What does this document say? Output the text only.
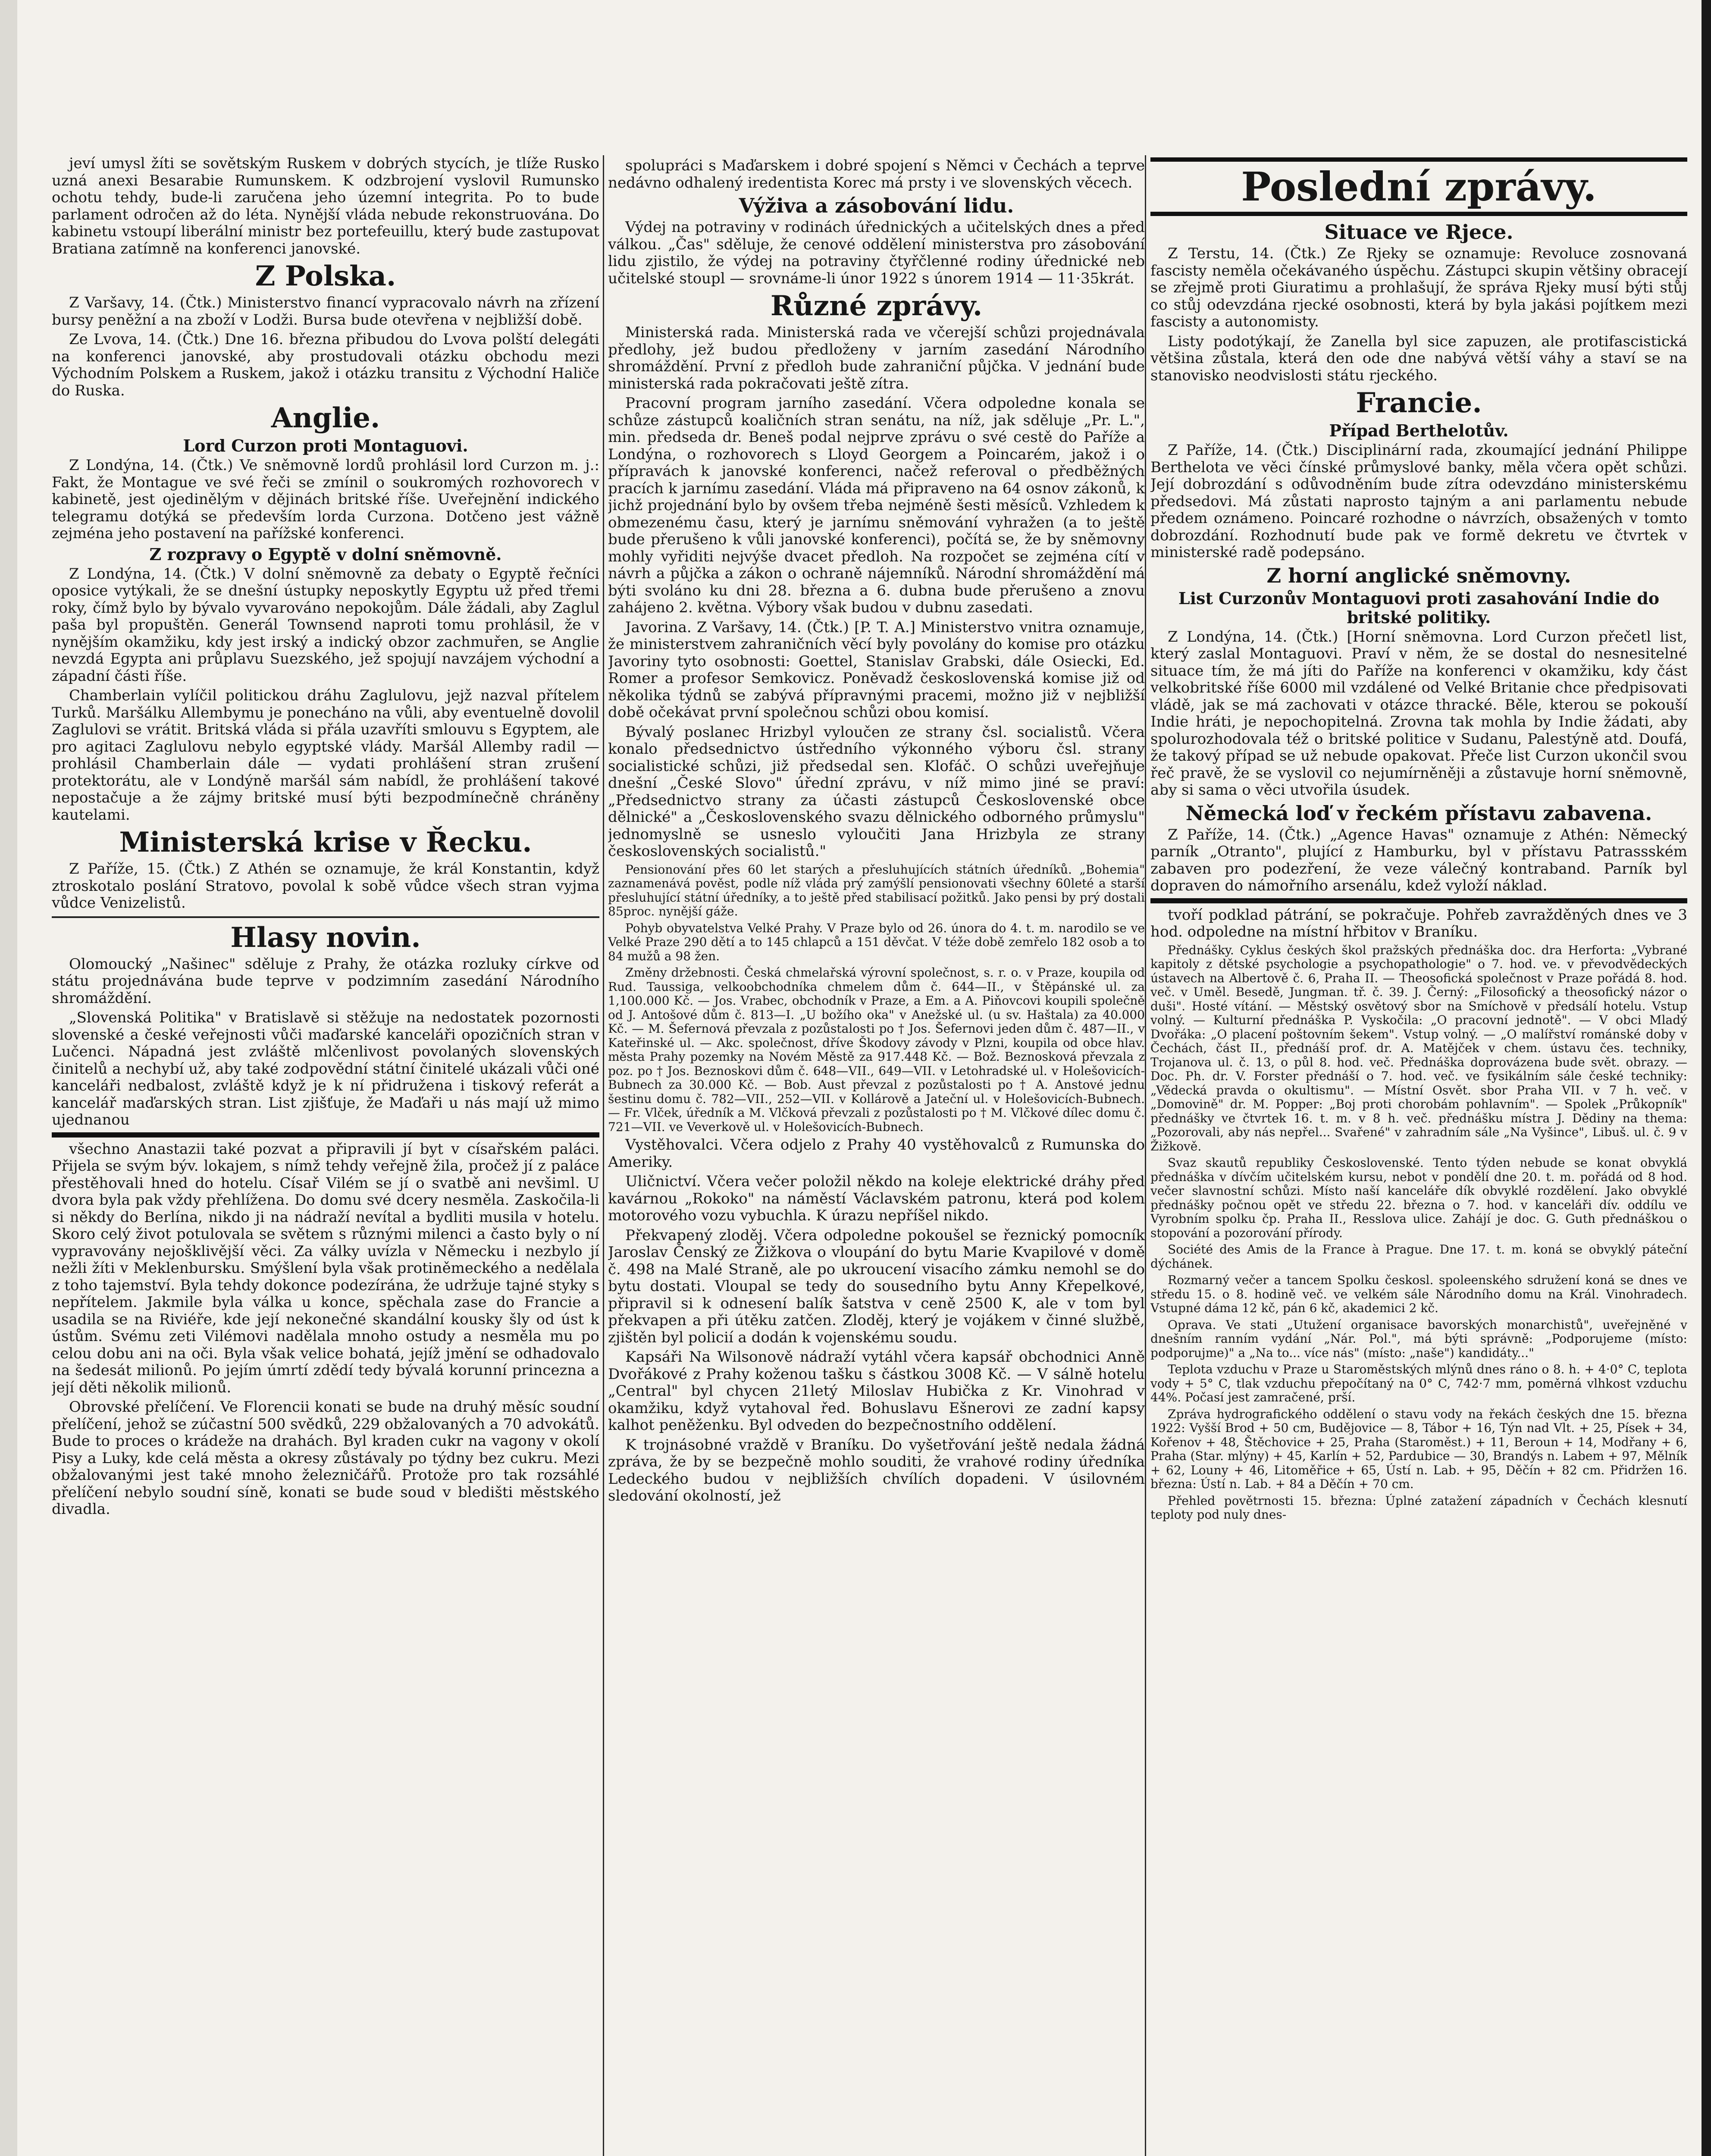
jeví umysl žíti se sovětským Ruskem v dobrých stycích, je tlíže Rusko uzná anexi Besarabie Rumunskem. K odzbrojení vyslovil Rumunsko ochotu tehdy, bude-li zaručena jeho územní integrita. Po to bude parlament odročen až do léta. Nynější vláda nebude rekonstruována. Do kabinetu vstoupí liberální ministr bez portefeuillu, který bude zastupovat Bratiana zatímně na konferenci janovské.

Z Polska.

Z Varšavy, 14. (Čtk.) Ministerstvo financí vypracovalo návrh na zřízení bursy peněžní a na zboží v Lodži. Bursa bude otevřena v nejbližší době.

Ze Lvova, 14. (Čtk.) Dne 16. března přibudou do Lvova polští delegáti na konferenci janovské, aby prostudovali otázku obchodu mezi Východním Polskem a Ruskem, jakož i otázku transitu z Východní Haliče do Ruska.

Anglie.
Lord Curzon proti Montaguovi.

Z Londýna, 14. (Čtk.) Ve sněmovně lordů prohlásil lord Curzon m. j.: Fakt, že Montague ve své řeči se zmínil o soukromých rozhovorech v kabinetě, jest ojedinělým v dějinách britské říše. Uveřejnění indického telegramu dotýká se především lorda Curzona. Dotčeno jest vážně zejména jeho postavení na pařížské konferenci.

Z rozpravy o Egyptě v dolní sněmovně.

Z Londýna, 14. (Čtk.) V dolní sněmovně za debaty o Egyptě řečníci oposice vytýkali, že se dnešní ústupky neposkytly Egyptu už před třemi roky, čímž bylo by bývalo vyvarováno nepokojům. Dále žádali, aby Zaglul paša byl propuštěn. Generál Townsend naproti tomu prohlásil, že v nynějším okamžiku, kdy jest irský a indický obzor zachmuřen, se Anglie nevzdá Egypta ani průplavu Suezského, jež spojují navzájem východní a západní části říše.

Chamberlain vylíčil politickou dráhu Zaglulovu, jejž nazval přítelem Turků. Maršálku Allembymu je ponecháno na vůli, aby eventuelně dovolil Zaglulovi se vrátit. Britská vláda si přála uzavříti smlouvu s Egyptem, ale pro agitaci Zaglulovu nebylo egyptské vlády. Maršál Allemby radil — prohlásil Chamberlain dále — vydati prohlášení stran zrušení protektorátu, ale v Londýně maršál sám nabídl, že prohlášení takové nepostačuje a že zájmy britské musí býti bezpodmínečně chráněny kautelami.

Ministerská krise v Řecku.

Z Paříže, 15. (Čtk.) Z Athén se oznamuje, že král Konstantin, když ztroskotalo poslání Stratovo, povolal k sobě vůdce všech stran vyjma vůdce Venizelistů.

Hlasy novin.

Olomoucký „Našinec" sděluje z Prahy, že otázka rozluky církve od státu projednávána bude teprve v podzimním zasedání Národního shromáždění.

„Slovenská Politika" v Bratislavě si stěžuje na nedostatek pozornosti slovenské a české veřejnosti vůči maďarské kanceláři opozičních stran v Lučenci. Nápadná jest zvláště mlčenlivost povolaných slovenských činitelů a nechybí už, aby také zodpovědní státní činitelé ukázali vůči oné kanceláři nedbalost, zvláště když je k ní přidružena i tiskový referát a kancelář maďarských stran. List zjišťuje, že Maďaři u nás mají už mimo ujednanou

všechno Anastazii také pozvat a připravili jí byt v císařském paláci. Přijela se svým býv. lokajem, s nímž tehdy veřejně žila, pročež jí z paláce přestěhovali hned do hotelu. Císař Vilém se jí o svatbě ani nevšiml. U dvora byla pak vždy přehlížena. Do domu své dcery nesměla. Zaskočila-li si někdy do Berlína, nikdo ji na nádraží nevítal a bydliti musila v hotelu. Skoro celý život potulovala se světem s různými milenci a často byly o ní vypravovány nejošklivější věci. Za války uvízla v Německu i nezbylo jí nežli žíti v Meklenbursku. Smýšlení byla však protiněmeckého a nedělala z toho tajemství. Byla tehdy dokonce podezírána, že udržuje tajné styky s nepřítelem. Jakmile byla válka u konce, spěchala zase do Francie a usadila se na Riviéře, kde její nekonečné skandální kousky šly od úst k ústům. Svému zeti Vilémovi nadělala mnoho ostudy a nesměla mu po celou dobu ani na oči. Byla však velice bohatá, jejíž jmění se odhadovalo na šedesát milionů. Po jejím úmrtí zdědí tedy bývalá korunní princezna a její děti několik milionů.

Obrovské přelíčení. Ve Florencii konati se bude na druhý měsíc soudní přelíčení, jehož se zúčastní 500 svědků, 229 obžalovaných a 70 advokátů. Bude to proces o krádeže na drahách. Byl kraden cukr na vagony v okolí Pisy a Luky, kde celá města a okresy zůstávaly po týdny bez cukru. Mezi obžalovanými jest také mnoho železničářů. Protože pro tak rozsáhlé přelíčení nebylo soudní síně, konati se bude soud v bledišti městského divadla.

spolupráci s Maďarskem i dobré spojení s Němci v Čechách a teprve nedávno odhalený iredentista Korec má prsty i ve slovenských věcech.

Výživa a zásobování lidu.

Výdej na potraviny v rodinách úřednických a učitelských dnes a před válkou. „Čas" sděluje, že cenové oddělení ministerstva pro zásobování lidu zjistilo, že výdej na potraviny čtyřčlenné rodiny úřednické neb učitelské stoupl — srovnáme-li únor 1922 s únorem 1914 — 11·35krát.

Různé zprávy.

Ministerská rada. Ministerská rada ve včerejší schůzi projednávala předlohy, jež budou předloženy v jarním zasedání Národního shromáždění. První z předloh bude zahraniční půjčka. V jednání bude ministerská rada pokračovati ještě zítra.

Pracovní program jarního zasedání. Včera odpoledne konala se schůze zástupců koaličních stran senátu, na níž, jak sděluje „Pr. L.", min. předseda dr. Beneš podal nejprve zprávu o své cestě do Paříže a Londýna, o rozhovorech s Lloyd Georgem a Poincarém, jakož i o přípravách k janovské konferenci, načež referoval o předběžných pracích k jarnímu zasedání. Vláda má připraveno na 64 osnov zákonů, k jichž projednání bylo by ovšem třeba nejméně šesti měsíců. Vzhledem k obmezenému času, který je jarnímu sněmování vyhražen (a to ještě bude přerušeno k vůli janovské konferenci), počítá se, že by sněmovny mohly vyřiditi nejvýše dvacet předloh. Na rozpočet se zejména cítí v návrh a půjčka a zákon o ochraně nájemníků. Národní shromáždění má býti svoláno ku dni 28. března a 6. dubna bude přerušeno a znovu zahájeno 2. května. Výbory však budou v dubnu zasedati.

Javorina. Z Varšavy, 14. (Čtk.) [P. T. A.] Ministerstvo vnitra oznamuje, že ministerstvem zahraničních věcí byly povolány do komise pro otázku Javoriny tyto osobnosti: Goettel, Stanislav Grabski, dále Osiecki, Ed. Romer a profesor Semkovicz. Poněvadž československá komise již od několika týdnů se zabývá přípravnými pracemi, možno již v nejbližší době očekávat první společnou schůzi obou komisí.

Bývalý poslanec Hrizbyl vyloučen ze strany čsl. socialistů. Včera konalo předsednictvo ústředního výkonného výboru čsl. strany socialistické schůzi, již předsedal sen. Klofáč. O schůzi uveřejňuje dnešní „České Slovo" úřední zprávu, v níž mimo jiné se praví: „Předsednictvo strany za účasti zástupců Československé obce dělnické" a „Československého svazu dělnického odborného průmyslu" jednomyslně se usneslo vyloučiti Jana Hrizbyla ze strany československých socialistů."

Pensionování přes 60 let starých a přesluhujících státních úředníků. „Bohemia" zaznamenává pověst, podle níž vláda prý zamýšlí pensionovati všechny 60leté a starší přesluhující státní úředníky, a to ještě před stabilisací požitků. Jako pensi by prý dostali 85proc. nynější gáže.

Pohyb obyvatelstva Velké Prahy. V Praze bylo od 26. února do 4. t. m. narodilo se ve Velké Praze 290 dětí a to 145 chlapců a 151 děvčat. V téže době zemřelo 182 osob a to 84 mužů a 98 žen.

Změny držebnosti. Česká chmelařská výrovní společnost, s. r. o. v Praze, koupila od Rud. Taussiga, velkoobchodníka chmelem dům č. 644—II., v Štěpánské ul. za 1,100.000 Kč. — Jos. Vrabec, obchodník v Praze, a Em. a A. Piňovcovi koupili společně od J. Antošové dům č. 813—I. „U božího oka" v Anežské ul. (u sv. Haštala) za 40.000 Kč. — M. Šefernová převzala z pozůstalosti po † Jos. Šefernovi jeden dům č. 487—II., v Kateřinské ul. — Akc. společnost, dříve Škodovy závody v Plzni, koupila od obce hlav. města Prahy pozemky na Novém Městě za 917.448 Kč. — Bož. Beznosková převzala z poz. po † Jos. Beznoskovi dům č. 648—VII., 649—VII. v Letohradské ul. v Holešovicích-Bubnech za 30.000 Kč. — Bob. Aust převzal z pozůstalosti po † A. Anstové jednu šestinu domu č. 782—VII., 252—VII. v Kollárově a Jateční ul. v Holešovicích-Bubnech. — Fr. Vlček, úředník a M. Vlčková převzali z pozůstalosti po † M. Vlčkové dílec domu č. 721—VII. ve Veverkově ul. v Holešovicích-Bubnech.

Vystěhovalci. Včera odjelo z Prahy 40 vystěhovalců z Rumunska do Ameriky.

Uličnictví. Včera večer položil někdo na koleje elektrické dráhy před kavárnou „Rokoko" na náměstí Václavském patronu, která pod kolem motorového vozu vybuchla. K úrazu nepříšel nikdo.

Překvapený zloděj. Včera odpoledne pokoušel se řeznický pomocník Jaroslav Čenský ze Žižkova o vloupání do bytu Marie Kvapilové v domě č. 498 na Malé Straně, ale po ukroucení visacího zámku nemohl se do bytu dostati. Vloupal se tedy do sousedního bytu Anny Křepelkové, připravil si k odnesení balík šatstva v ceně 2500 K, ale v tom byl překvapen a při útěku zatčen. Zloděj, který je vojákem v činné službě, zjištěn byl policií a dodán k vojenskému soudu.

Kapsáři Na Wilsonově nádraží vytáhl včera kapsář obchodnici Anně Dvořákové z Prahy koženou tašku s částkou 3008 Kč. — V sálně hotelu „Central" byl chycen 21letý Miloslav Hubička z Kr. Vinohrad v okamžiku, když vytahoval řed. Bohuslavu Ešnerovi ze zadní kapsy kalhot peněženku. Byl odveden do bezpečnostního oddělení.

K trojnásobné vraždě v Braníku. Do vyšetřování ještě nedala žádná zpráva, že by se bezpečně mohlo souditi, že vrahové rodiny úředníka Ledeckého budou v nejbližších chvílích dopadeni. V úsilovném sledování okolností, jež

Poslední zprávy.
Situace ve Rjece.

Z Terstu, 14. (Čtk.) Ze Rjeky se oznamuje: Revoluce zosnovaná fascisty neměla očekávaného úspěchu. Zástupci skupin většiny obracejí se zřejmě proti Giuratimu a prohlašují, že správa Rjeky musí býti stůj co stůj odevzdána rjecké osobnosti, která by byla jakási pojítkem mezi fascisty a autonomisty.

Listy podotýkají, že Zanella byl sice zapuzen, ale protifascistická většina zůstala, která den ode dne nabývá větší váhy a staví se na stanovisko neodvislosti státu rjeckého.

Francie.
Případ Berthelotův.

Z Paříže, 14. (Čtk.) Disciplinární rada, zkoumající jednání Philippe Berthelota ve věci čínské průmyslové banky, měla včera opět schůzi. Její dobrozdání s odůvodněním bude zítra odevzdáno ministerskému předsedovi. Má zůstati naprosto tajným a ani parlamentu nebude předem oznámeno. Poincaré rozhodne o návrzích, obsažených v tomto dobrozdání. Rozhodnutí bude pak ve formě dekretu ve čtvrtek v ministerské radě podepsáno.

Z horní anglické sněmovny.
List Curzonův Montaguovi proti zasahování Indie do britské politiky.

Z Londýna, 14. (Čtk.) [Horní sněmovna. Lord Curzon přečetl list, který zaslal Montaguovi. Praví v něm, že se dostal do nesnesitelné situace tím, že má jíti do Paříže na konferenci v okamžiku, kdy část velkobritské říše 6000 mil vzdálené od Velké Britanie chce předpisovati vládě, jak se má zachovati v otázce thracké. Běle, kterou se pokouší Indie hráti, je nepochopitelná. Zrovna tak mohla by Indie žádati, aby spolurozhodovala též o britské politice v Sudanu, Palestýně atd. Doufá, že takový případ se už nebude opakovat. Přeče list Curzon ukončil svou řeč pravě, že se vyslovil co nejumírněněji a zůstavuje horní sněmovně, aby si sama o věci utvořila úsudek.

Německá loď v řeckém přístavu zabavena.

Z Paříže, 14. (Čtk.) „Agence Havas" oznamuje z Athén: Německý parník „Otranto", plující z Hamburku, byl v přístavu Patrassském zabaven pro podezření, že veze válečný kontraband. Parník byl dopraven do námořního arsenálu, kdež vyloží náklad.

tvoří podklad pátrání, se pokračuje. Pohřeb zavražděných dnes ve 3 hod. odpoledne na místní hřbitov v Braníku.

Přednášky. Cyklus českých škol pražských přednáška doc. dra Herforta: „Vybrané kapitoly z dětské psychologie a psychopathologie" o 7. hod. ve. v převodvědeckých ústavech na Albertově č. 6, Praha II. — Theosofická společnost v Praze pořádá 8. hod. več. v Uměl. Besedě, Jungman. tř. č. 39. J. Černý: „Filosofický a theosofický názor o duši". Hosté vítání. — Městský osvětový sbor na Smíchově v předsálí hotelu. Vstup volný. — Kulturní přednáška P. Vyskočila: „O pracovní jednotě". — V obci Mladý Dvořáka: „O placení poštovním šekem". Vstup volný. — „O malířství románské doby v Čechách, část II., přednáší prof. dr. A. Matějček v chem. ústavu čes. techniky, Trojanova ul. č. 13, o půl 8. hod. več. Přednáška doprovázena bude svět. obrazy. — Doc. Ph. dr. V. Forster přednáší o 7. hod. več. ve fysikálním sále české techniky: „Vědecká pravda o okultismu". — Místní Osvět. sbor Praha VII. v 7 h. več. v „Domovině" dr. M. Popper: „Boj proti chorobám pohlavním". — Spolek „Průkopník" přednášky ve čtvrtek 16. t. m. v 8 h. več. přednášku místra J. Dědiny na thema: „Pozorovali, aby nás nepřel... Svařené" v zahradním sále „Na Vyšince", Libuš. ul. č. 9 v Žižkově.

Svaz skautů republiky Československé. Tento týden nebude se konat obvyklá přednáška v dívčím učitelském kursu, nebot v pondělí dne 20. t. m. pořádá od 8 hod. večer slavnostní schůzi. Místo naší kanceláře dík obvyklé rozdělení. Jako obvyklé přednášky počnou opět ve středu 22. března o 7. hod. v kanceláři dív. oddílu ve Vyrobním spolku čp. Praha II., Resslova ulice. Zahájí je doc. G. Guth přednáškou o stopování a pozorování přírody.

Société des Amis de la France à Prague. Dne 17. t. m. koná se obvyklý páteční dýchánek.

Rozmarný večer a tancem Spolku českosl. spoleenského sdružení koná se dnes ve středu 15. o 8. hodině več. ve velkém sále Národního domu na Král. Vinohradech. Vstupné dáma 12 kč, pán 6 kč, akademici 2 kč.

Oprava. Ve stati „Utužení organisace bavorských monarchistů", uveřejněné v dnešním ranním vydání „Nár. Pol.", má býti správně: „Podporujeme (místo: podporujme)" a „Na to... více nás" (místo: „naše") kandidáty..."

Teplota vzduchu v Praze u Staroměstských mlýnů dnes ráno o 8. h. + 4·0° C, teplota vody + 5° C, tlak vzduchu přepočítaný na 0° C, 742·7 mm, poměrná vlhkost vzduchu 44%. Počasí jest zamračené, prší.

Zpráva hydrografického oddělení o stavu vody na řekách českých dne 15. března 1922: Vyšší Brod + 50 cm, Budějovice — 8, Tábor + 16, Týn nad Vlt. + 25, Písek + 34, Kořenov + 48, Štěchovice + 25, Praha (Staroměst.) + 11, Beroun + 14, Modřany + 6, Praha (Star. mlýny) + 45, Karlín + 52, Pardubice — 30, Brandýs n. Labem + 97, Mělník + 62, Louny + 46, Litoměřice + 65, Ústí n. Lab. + 95, Děčín + 82 cm. Přidržen 16. března: Ústí n. Lab. + 84 a Děčín + 70 cm.

Přehled povětrnosti 15. března: Úplné zatažení západních v Čechách klesnutí teploty pod nuly dnes-
